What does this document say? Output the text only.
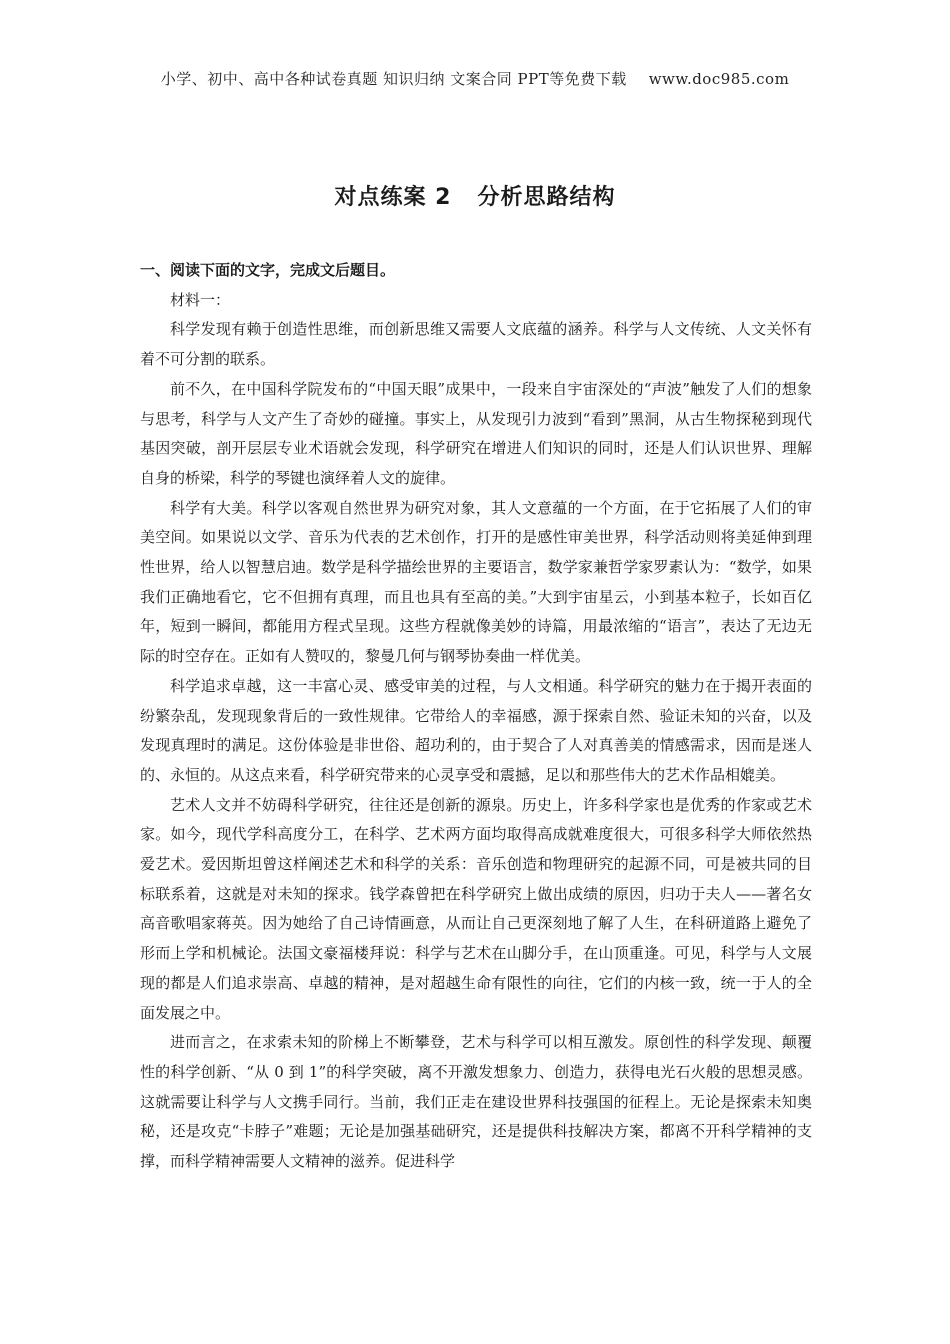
小学、初中、高中各种试卷真题 知识归纳 文案合同 PPT等免费下载 www.doc985.com
对点练案 2 分析思路结构

一、阅读下面的文字，完成文后题目。

材料一：

科学发现有赖于创造性思维，而创新思维又需要人文底蕴的涵养。科学与人文传统、人文关怀有着不可分割的联系。

前不久，在中国科学院发布的“中国天眼”成果中，一段来自宇宙深处的“声波”触发了人们的想象与思考，科学与人文产生了奇妙的碰撞。事实上，从发现引力波到“看到”黑洞，从古生物探秘到现代基因突破，剖开层层专业术语就会发现，科学研究在增进人们知识的同时，还是人们认识世界、理解自身的桥梁，科学的琴键也演绎着人文的旋律。

科学有大美。科学以客观自然世界为研究对象，其人文意蕴的一个方面，在于它拓展了人们的审美空间。如果说以文学、音乐为代表的艺术创作，打开的是感性审美世界，科学活动则将美延伸到理性世界，给人以智慧启迪。数学是科学描绘世界的主要语言，数学家兼哲学家罗素认为：“数学，如果我们正确地看它，它不但拥有真理，而且也具有至高的美。”大到宇宙星云，小到基本粒子，长如百亿年，短到一瞬间，都能用方程式呈现。这些方程就像美妙的诗篇，用最浓缩的“语言”，表达了无边无际的时空存在。正如有人赞叹的，黎曼几何与钢琴协奏曲一样优美。

科学追求卓越，这一丰富心灵、感受审美的过程，与人文相通。科学研究的魅力在于揭开表面的纷繁杂乱，发现现象背后的一致性规律。它带给人的幸福感，源于探索自然、验证未知的兴奋，以及发现真理时的满足。这份体验是非世俗、超功利的，由于契合了人对真善美的情感需求，因而是迷人的、永恒的。从这点来看，科学研究带来的心灵享受和震撼，足以和那些伟大的艺术作品相媲美。

艺术人文并不妨碍科学研究，往往还是创新的源泉。历史上，许多科学家也是优秀的作家或艺术家。如今，现代学科高度分工，在科学、艺术两方面均取得高成就难度很大，可很多科学大师依然热爱艺术。爱因斯坦曾这样阐述艺术和科学的关系：音乐创造和物理研究的起源不同，可是被共同的目标联系着，这就是对未知的探求。钱学森曾把在科学研究上做出成绩的原因，归功于夫人——著名女高音歌唱家蒋英。因为她给了自己诗情画意，从而让自己更深刻地了解了人生，在科研道路上避免了形而上学和机械论。法国文豪福楼拜说：科学与艺术在山脚分手，在山顶重逢。可见，科学与人文展现的都是人们追求崇高、卓越的精神，是对超越生命有限性的向往，它们的内核一致，统一于人的全面发展之中。

进而言之，在求索未知的阶梯上不断攀登，艺术与科学可以相互激发。原创性的科学发现、颠覆性的科学创新、“从 0 到 1”的科学突破，离不开激发想象力、创造力，获得电光石火般的思想灵感。这就需要让科学与人文携手同行。当前，我们正走在建设世界科技强国的征程上。无论是探索未知奥秘，还是攻克“卡脖子”难题；无论是加强基础研究，还是提供科技解决方案，都离不开科学精神的支撑，而科学精神需要人文精神的滋养。促进科学
